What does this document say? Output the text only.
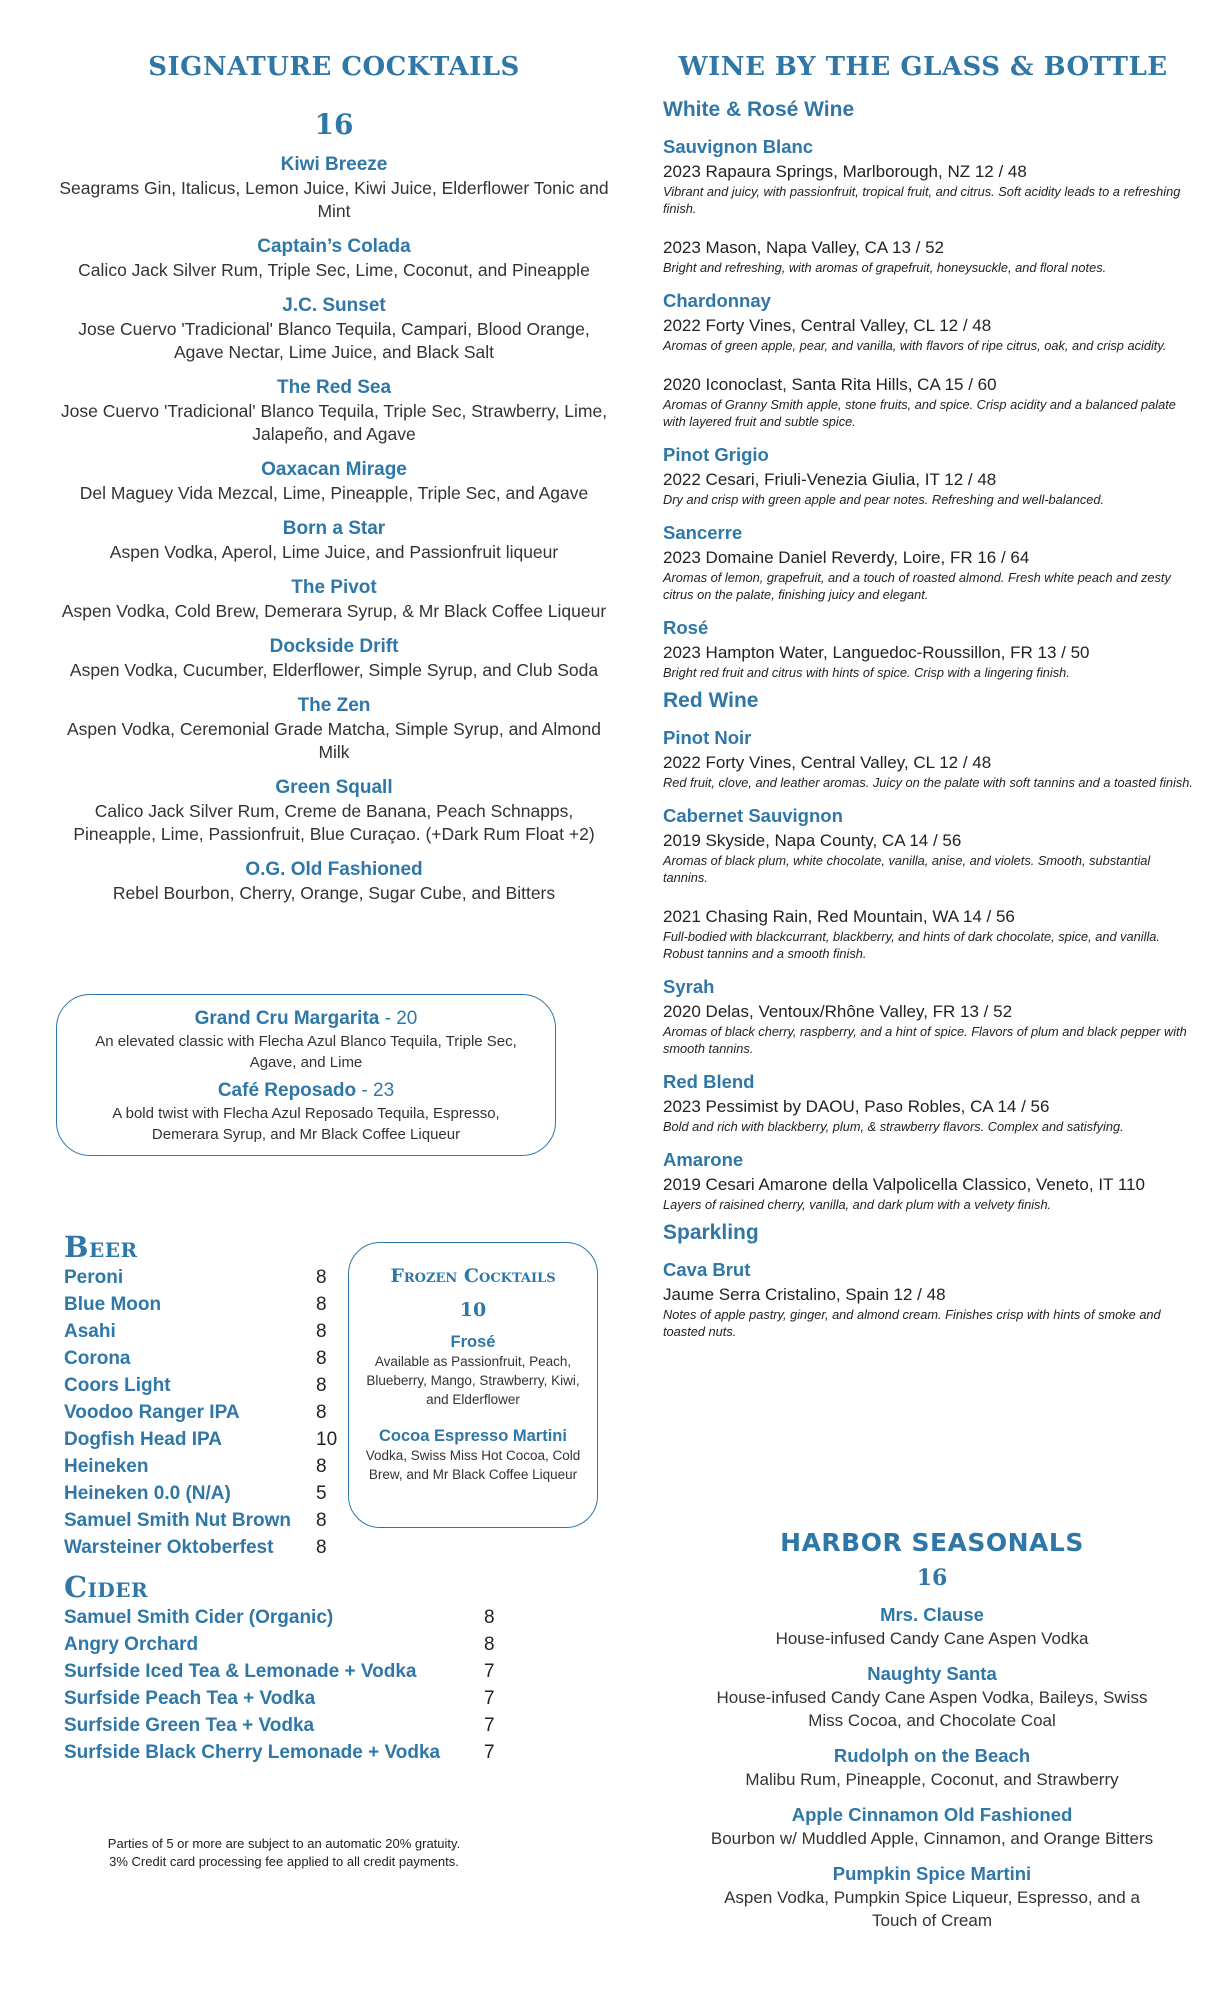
SIGNATURE COCKTAILS
16
Kiwi Breeze
Seagrams Gin, Italicus, Lemon Juice, Kiwi Juice, Elderflower Tonic and Mint
Captain’s Colada
Calico Jack Silver Rum, Triple Sec, Lime, Coconut, and Pineapple
J.C. Sunset
Jose Cuervo 'Tradicional' Blanco Tequila, Campari, Blood Orange, Agave Nectar, Lime Juice, and Black Salt
The Red Sea
Jose Cuervo 'Tradicional' Blanco Tequila, Triple Sec, Strawberry, Lime, Jalapeño, and Agave
Oaxacan Mirage
Del Maguey Vida Mezcal, Lime, Pineapple, Triple Sec, and Agave
Born a Star
Aspen Vodka, Aperol, Lime Juice, and Passionfruit liqueur
The Pivot
Aspen Vodka, Cold Brew, Demerara Syrup, & Mr Black Coffee Liqueur
Dockside Drift
Aspen Vodka, Cucumber, Elderflower, Simple Syrup, and Club Soda
The Zen
Aspen Vodka, Ceremonial Grade Matcha, Simple Syrup, and Almond Milk
Green Squall
Calico Jack Silver Rum, Creme de Banana, Peach Schnapps, Pineapple, Lime, Passionfruit, Blue Curaçao. (+Dark Rum Float +2)
O.G. Old Fashioned
Rebel Bourbon, Cherry, Orange, Sugar Cube, and Bitters
Grand Cru Margarita - 20
An elevated classic with Flecha Azul Blanco Tequila, Triple Sec, Agave, and Lime
Café Reposado - 23
A bold twist with Flecha Azul Reposado Tequila, Espresso, Demerara Syrup, and Mr Black Coffee Liqueur
Beer
Peroni	8
Blue Moon	8
Asahi	8
Corona	8
Coors Light	8
Voodoo Ranger IPA	8
Dogfish Head IPA	10
Heineken	8
Heineken 0.0 (N/A)	5
Samuel Smith Nut Brown	8
Warsteiner Oktoberfest	8
Frozen Cocktails
10
Frosé
Available as Passionfruit, Peach, Blueberry, Mango, Strawberry, Kiwi, and Elderflower
Cocoa Espresso Martini
Vodka, Swiss Miss Hot Cocoa, Cold Brew, and Mr Black Coffee Liqueur
Cider
Samuel Smith Cider (Organic)	8
Angry Orchard	8
Surfside Iced Tea & Lemonade + Vodka	7
Surfside Peach Tea + Vodka	7
Surfside Green Tea + Vodka	7
Surfside Black Cherry Lemonade + Vodka	7
Parties of 5 or more are subject to an automatic 20% gratuity.
3% Credit card processing fee applied to all credit payments.
WINE BY THE GLASS & BOTTLE
White & Rosé Wine
Sauvignon Blanc
2023 Rapaura Springs, Marlborough, NZ 12 / 48
Vibrant and juicy, with passionfruit, tropical fruit, and citrus. Soft acidity leads to a refreshing finish.
2023 Mason, Napa Valley, CA 13 / 52
Bright and refreshing, with aromas of grapefruit, honeysuckle, and floral notes.
Chardonnay
2022 Forty Vines, Central Valley, CL 12 / 48
Aromas of green apple, pear, and vanilla, with flavors of ripe citrus, oak, and crisp acidity.
2020 Iconoclast, Santa Rita Hills, CA 15 / 60
Aromas of Granny Smith apple, stone fruits, and spice. Crisp acidity and a balanced palate with layered fruit and subtle spice.
Pinot Grigio
2022 Cesari, Friuli-Venezia Giulia, IT 12 / 48
Dry and crisp with green apple and pear notes. Refreshing and well-balanced.
Sancerre
2023 Domaine Daniel Reverdy, Loire, FR 16 / 64
Aromas of lemon, grapefruit, and a touch of roasted almond. Fresh white peach and zesty citrus on the palate, finishing juicy and elegant.
Rosé
2023 Hampton Water, Languedoc-Roussillon, FR 13 / 50
Bright red fruit and citrus with hints of spice. Crisp with a lingering finish.
Red Wine
Pinot Noir
2022 Forty Vines, Central Valley, CL 12 / 48
Red fruit, clove, and leather aromas. Juicy on the palate with soft tannins and a toasted finish.
Cabernet Sauvignon
2019 Skyside, Napa County, CA 14 / 56
Aromas of black plum, white chocolate, vanilla, anise, and violets. Smooth, substantial tannins.
2021 Chasing Rain, Red Mountain, WA 14 / 56
Full-bodied with blackcurrant, blackberry, and hints of dark chocolate, spice, and vanilla. Robust tannins and a smooth finish.
Syrah
2020 Delas, Ventoux/Rhône Valley, FR 13 / 52
Aromas of black cherry, raspberry, and a hint of spice. Flavors of plum and black pepper with smooth tannins.
Red Blend
2023 Pessimist by DAOU, Paso Robles, CA 14 / 56
Bold and rich with blackberry, plum, & strawberry flavors. Complex and satisfying.
Amarone
2019 Cesari Amarone della Valpolicella Classico, Veneto, IT 110
Layers of raisined cherry, vanilla, and dark plum with a velvety finish.
Sparkling
Cava Brut
Jaume Serra Cristalino, Spain 12 / 48
Notes of apple pastry, ginger, and almond cream. Finishes crisp with hints of smoke and toasted nuts.
HARBOR SEASONALS
16
Mrs. Clause
House-infused Candy Cane Aspen Vodka
Naughty Santa
House-infused Candy Cane Aspen Vodka, Baileys, Swiss Miss Cocoa, and Chocolate Coal
Rudolph on the Beach
Malibu Rum, Pineapple, Coconut, and Strawberry
Apple Cinnamon Old Fashioned
Bourbon w/ Muddled Apple, Cinnamon, and Orange Bitters
Pumpkin Spice Martini
Aspen Vodka, Pumpkin Spice Liqueur, Espresso, and a Touch of Cream
